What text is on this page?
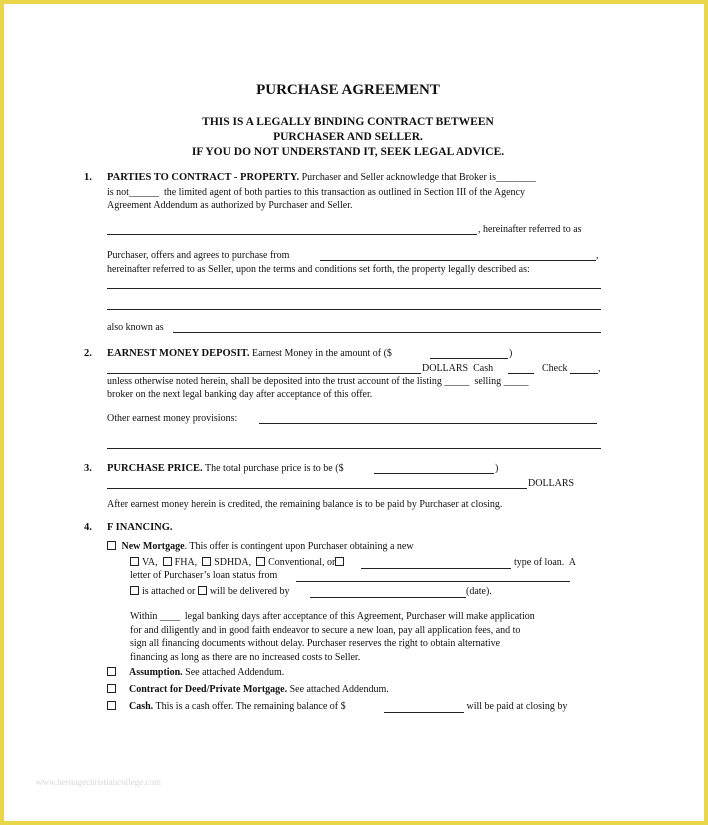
PURCHASE AGREEMENT
THIS IS A LEGALLY BINDING CONTRACT BETWEEN
PURCHASER AND SELLER.
IF YOU DO NOT UNDERSTAND IT, SEEK LEGAL ADVICE.
1. PARTIES TO CONTRACT - PROPERTY. Purchaser and Seller acknowledge that Broker is________
is not______  the limited agent of both parties to this transaction as outlined in Section III of the Agency
Agreement Addendum as authorized by Purchaser and Seller.
, hereinafter referred to as
Purchaser, offers and agrees to purchase from	,
hereinafter referred to as Seller, upon the terms and conditions set forth, the property legally described as:
also known as
2. EARNEST MONEY DEPOSIT. Earnest Money in the amount of ($	)
DOLLARS  Cash	Check	,
unless otherwise noted herein, shall be deposited into the trust account of the listing _____  selling _____
broker on the next legal banking day after acceptance of this offer.
Other earnest money provisions:
3. PURCHASE PRICE. The total purchase price is to be ($	)
DOLLARS
After earnest money herein is credited, the remaining balance is to be paid by Purchaser at closing.
4. F INANCING.
New Mortgage. This offer is contingent upon Purchaser obtaining a new
VA, FHA, SDHDA, Conventional, or	type of loan.  A
letter of Purchaser’s loan status from
is attached or will be delivered by	(date).
Within ____  legal banking days after acceptance of this Agreement, Purchaser will make application
for and diligently and in good faith endeavor to secure a new loan, pay all application fees, and to
sign all financing documents without delay. Purchaser reserves the right to obtain alternative
financing as long as there are no increased costs to Seller.
Assumption. See attached Addendum.
Contract for Deed/Private Mortgage. See attached Addendum.
Cash. This is a cash offer. The remaining balance of $	will be paid at closing by
www.heritagechristiancollege.com
